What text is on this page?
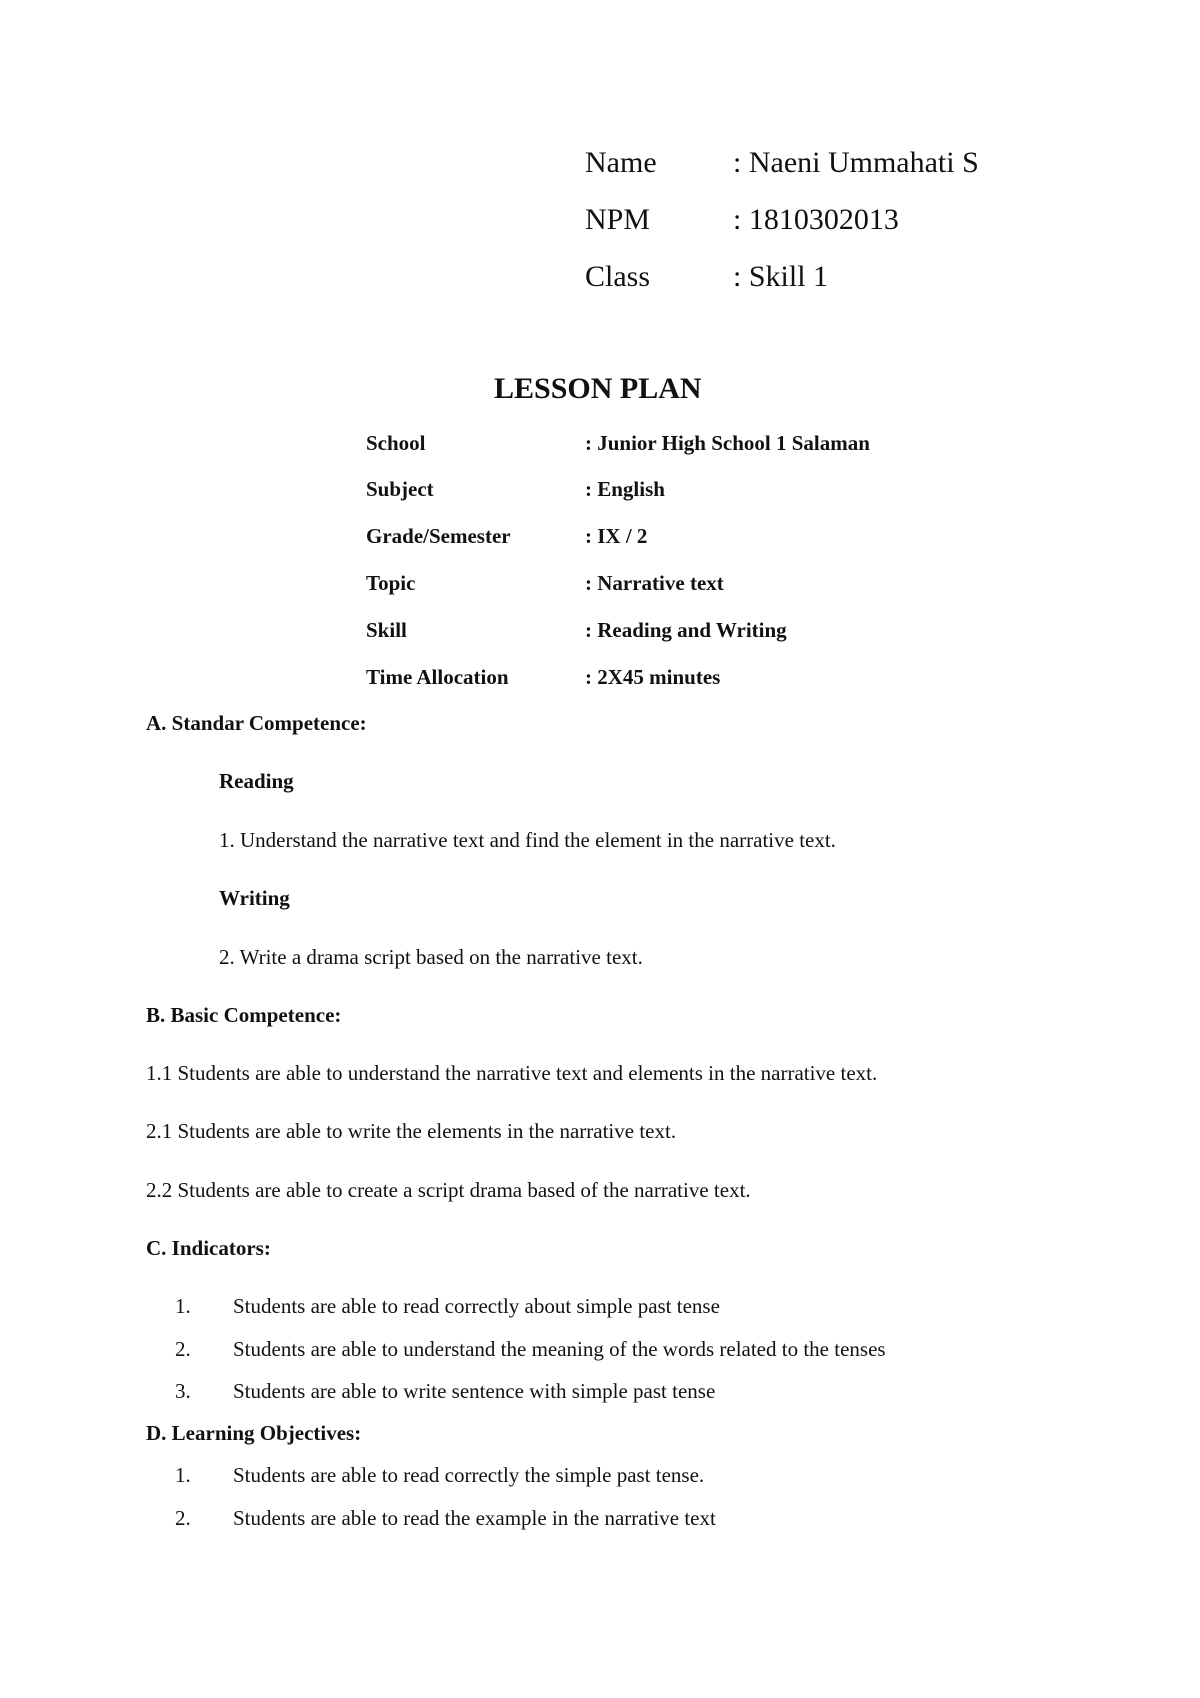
Name	: Naeni Ummahati S
NPM	: 1810302013
Class	: Skill 1
LESSON PLAN
School	: Junior High School 1 Salaman
Subject	: English
Grade/Semester	: IX / 2
Topic	: Narrative text
Skill	: Reading and Writing
Time Allocation	: 2X45 minutes
A. Standar Competence:
Reading
1. Understand the narrative text and find the element in the narrative text.
Writing
2. Write a drama script based on the narrative text.
B. Basic Competence:
1.1 Students are able to understand the narrative text and elements in the narrative text.
2.1 Students are able to write the elements in the narrative text.
2.2 Students are able to create a script drama based of the narrative text.
C. Indicators:
1. Students are able to read correctly about simple past tense
2. Students are able to understand the meaning of the words related to the tenses
3. Students are able to write sentence with simple past tense
D. Learning Objectives:
1. Students are able to read correctly the simple past tense.
2. Students are able to read the example in the narrative text
